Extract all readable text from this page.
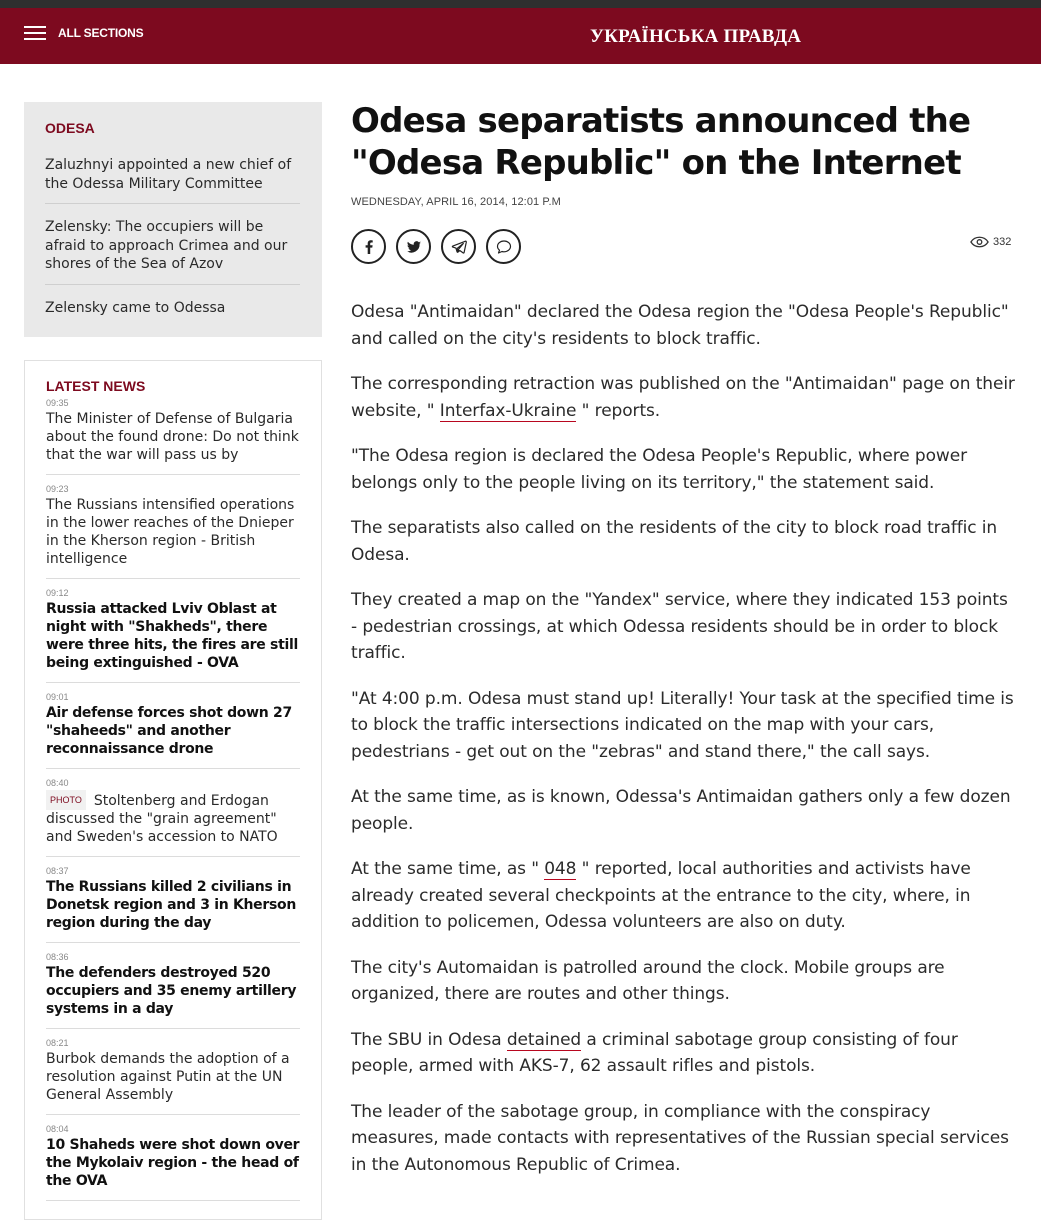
ALL SECTIONS	УКРАЇНСЬКА ПРАВДА
ODESA
Zaluzhnyi appointed a new chief of the Odessa Military Committee
Zelensky: The occupiers will be afraid to approach Crimea and our shores of the Sea of Azov
Zelensky came to Odessa
LATEST NEWS
09:35
The Minister of Defense of Bulgaria about the found drone: Do not think that the war will pass us by
09:23
The Russians intensified operations in the lower reaches of the Dnieper in the Kherson region - British intelligence
09:12
Russia attacked Lviv Oblast at night with "Shakheds", there were three hits, the fires are still being extinguished - OVA
09:01
Air defense forces shot down 27 "shaheeds" and another reconnaissance drone
08:40
PHOTO Stoltenberg and Erdogan discussed the "grain agreement" and Sweden's accession to NATO
08:37
The Russians killed 2 civilians in Donetsk region and 3 in Kherson region during the day
08:36
The defenders destroyed 520 occupiers and 35 enemy artillery systems in a day
08:21
Burbok demands the adoption of a resolution against Putin at the UN General Assembly
08:04
10 Shaheds were shot down over the Mykolaiv region - the head of the OVA
Odesa separatists announced the "Odesa Republic" on the Internet
WEDNESDAY, APRIL 16, 2014, 12:01 P.M
332

Odesa "Antimaidan" declared the Odesa region the "Odesa People's Republic" and called on the city's residents to block traffic.

The corresponding retraction was published on the "Antimaidan" page on their website, " Interfax-Ukraine " reports.

"The Odesa region is declared the Odesa People's Republic, where power belongs only to the people living on its territory," the statement said.

The separatists also called on the residents of the city to block road traffic in Odesa.

They created a map on the "Yandex" service, where they indicated 153 points - pedestrian crossings, at which Odessa residents should be in order to block traffic.

"At 4:00 p.m. Odesa must stand up! Literally! Your task at the specified time is to block the traffic intersections indicated on the map with your cars, pedestrians - get out on the "zebras" and stand there," the call says.

At the same time, as is known, Odessa's Antimaidan gathers only a few dozen people.

At the same time, as " 048 " reported, local authorities and activists have already created several checkpoints at the entrance to the city, where, in addition to policemen, Odessa volunteers are also on duty.

The city's Automaidan is patrolled around the clock. Mobile groups are organized, there are routes and other things.

The SBU in Odesa detained a criminal sabotage group consisting of four people, armed with AKS-7, 62 assault rifles and pistols.

The leader of the sabotage group, in compliance with the conspiracy measures, made contacts with representatives of the Russian special services in the Autonomous Republic of Crimea.
